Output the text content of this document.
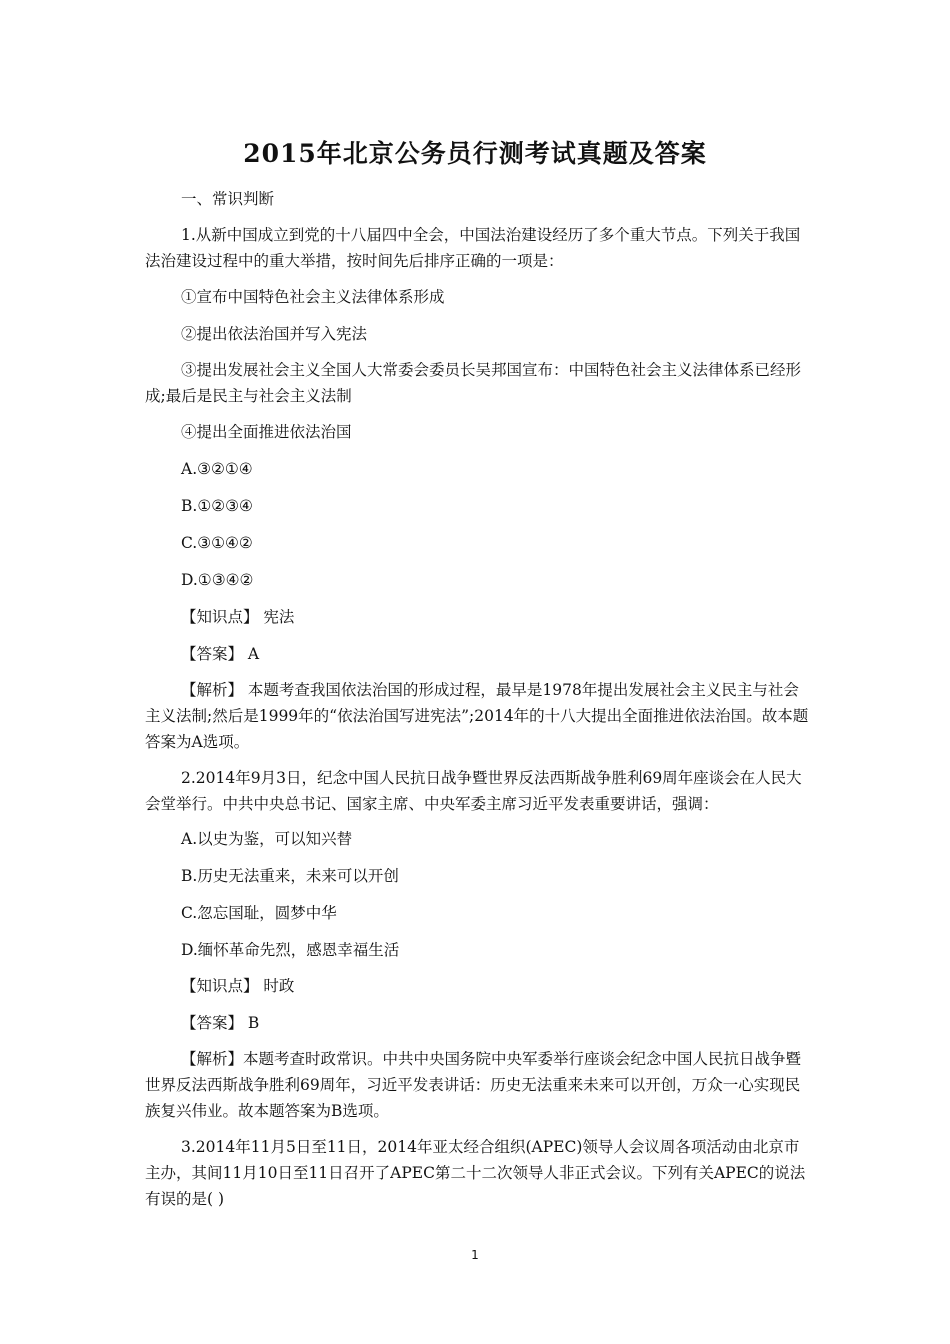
2015年北京公务员行测考试真题及答案
一、常识判断
1.从新中国成立到党的十八届四中全会，中国法治建设经历了多个重大节点。下列关于我国法治建设过程中的重大举措，按时间先后排序正确的一项是：
①宣布中国特色社会主义法律体系形成
②提出依法治国并写入宪法
③提出发展社会主义全国人大常委会委员长吴邦国宣布：中国特色社会主义法律体系已经形成;最后是民主与社会主义法制
④提出全面推进依法治国
A.③②①④
B.①②③④
C.③①④②
D.①③④②
【知识点】 宪法
【答案】 A
【解析】 本题考查我国依法治国的形成过程，最早是1978年提出发展社会主义民主与社会主义法制;然后是1999年的“依法治国写进宪法”;2014年的十八大提出全面推进依法治国。故本题答案为A选项。
2.2014年9月3日，纪念中国人民抗日战争暨世界反法西斯战争胜利69周年座谈会在人民大会堂举行。中共中央总书记、国家主席、中央军委主席习近平发表重要讲话，强调：
A.以史为鉴，可以知兴替
B.历史无法重来，未来可以开创
C.忽忘国耻，圆梦中华
D.缅怀革命先烈，感恩幸福生活
【知识点】 时政
【答案】 B
【解析】本题考查时政常识。中共中央国务院中央军委举行座谈会纪念中国人民抗日战争暨世界反法西斯战争胜利69周年，习近平发表讲话：历史无法重来未来可以开创，万众一心实现民族复兴伟业。故本题答案为B选项。
3.2014年11月5日至11日，2014年亚太经合组织(APEC)领导人会议周各项活动由北京市主办，其间11月10日至11日召开了APEC第二十二次领导人非正式会议。下列有关APEC的说法有误的是( )
1
